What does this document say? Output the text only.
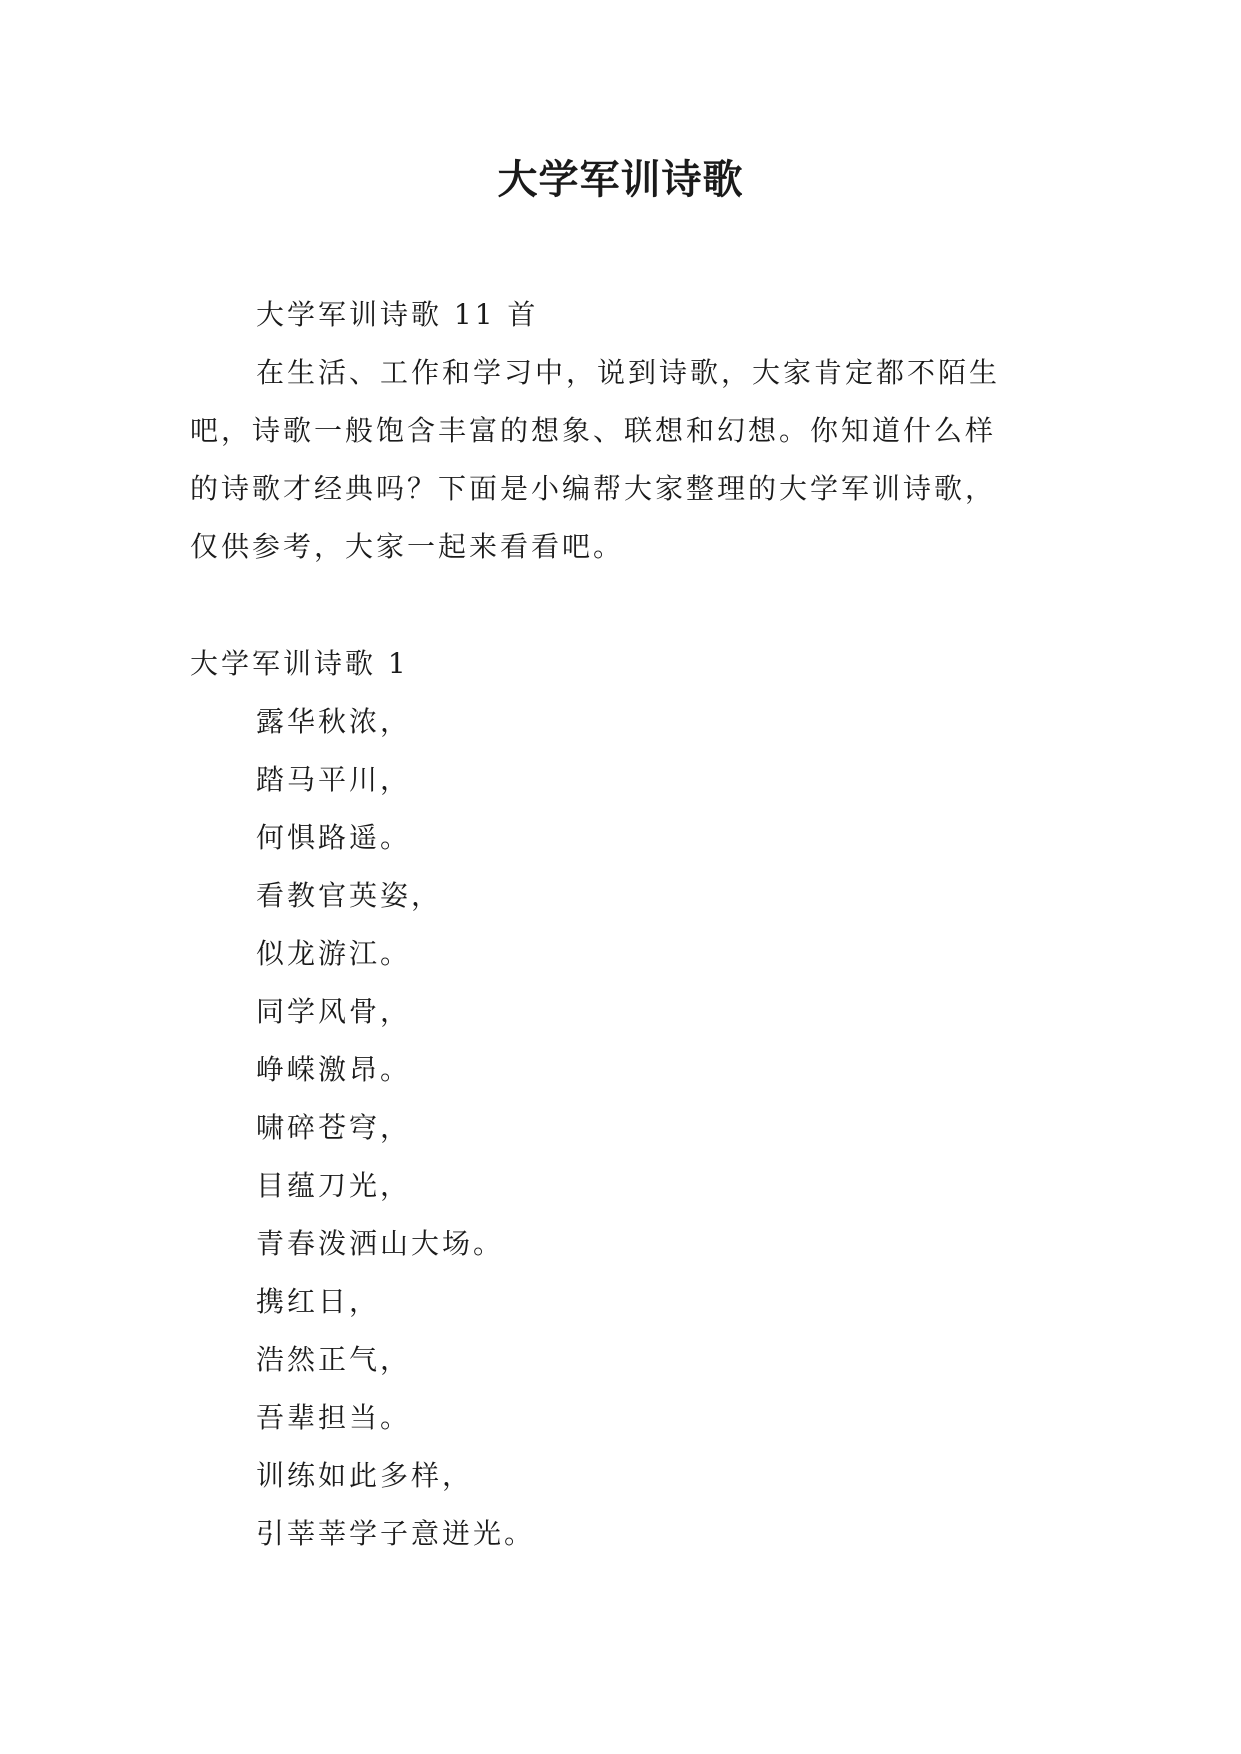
大学军训诗歌
大学军训诗歌 11 首
在生活、工作和学习中，说到诗歌，大家肯定都不陌生
吧，诗歌一般饱含丰富的想象、联想和幻想。你知道什么样
的诗歌才经典吗？下面是小编帮大家整理的大学军训诗歌，
仅供参考，大家一起来看看吧。
大学军训诗歌 1
露华秋浓，
踏马平川，
何惧路遥。
看教官英姿，
似龙游江。
同学风骨，
峥嵘激昂。
啸碎苍穹，
目蕴刀光，
青春泼洒山大场。
携红日，
浩然正气，
吾辈担当。
训练如此多样，
引莘莘学子意迸光。
